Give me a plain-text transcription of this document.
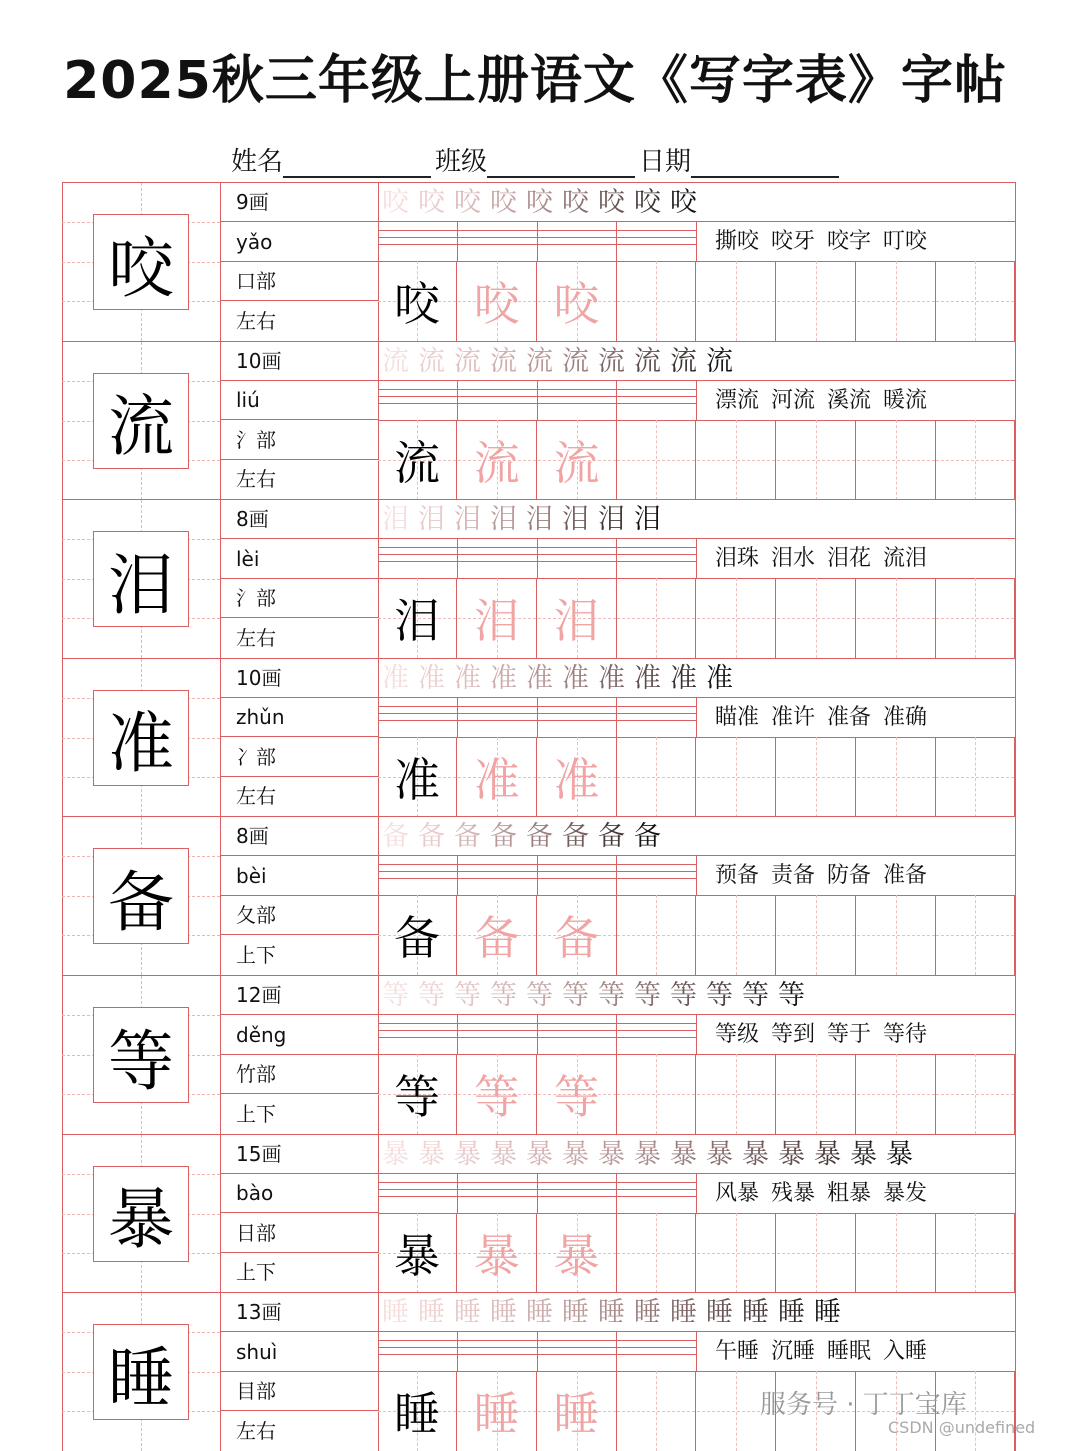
2025秋三年级上册语文《写字表》字帖
姓名	班级	日期
咬
9画
yǎo
口部
左右
咬 咬 咬 咬 咬 咬 咬 咬 咬
撕咬 咬牙 咬字 叮咬
咬 咬 咬
流
10画
liú
氵部
左右
流 流 流 流 流 流 流 流 流 流
漂流 河流 溪流 暖流
流 流 流
泪
8画
lèi
氵部
左右
泪 泪 泪 泪 泪 泪 泪 泪
泪珠 泪水 泪花 流泪
泪 泪 泪
准
10画
zhǔn
冫部
左右
准 准 准 准 准 准 准 准 准 准
瞄准 准许 准备 准确
准 准 准
备
8画
bèi
夂部
上下
备 备 备 备 备 备 备 备
预备 责备 防备 准备
备 备 备
等
12画
děng
竹部
上下
等 等 等 等 等 等 等 等 等 等 等 等
等级 等到 等于 等待
等 等 等
暴
15画
bào
日部
上下
暴 暴 暴 暴 暴 暴 暴 暴 暴 暴 暴 暴 暴 暴 暴
风暴 残暴 粗暴 暴发
暴 暴 暴
睡
13画
shuì
目部
左右
睡 睡 睡 睡 睡 睡 睡 睡 睡 睡 睡 睡 睡
午睡 沉睡 睡眠 入睡
睡 睡 睡	服务号 · 丁丁宝库
CSDN @undefined
